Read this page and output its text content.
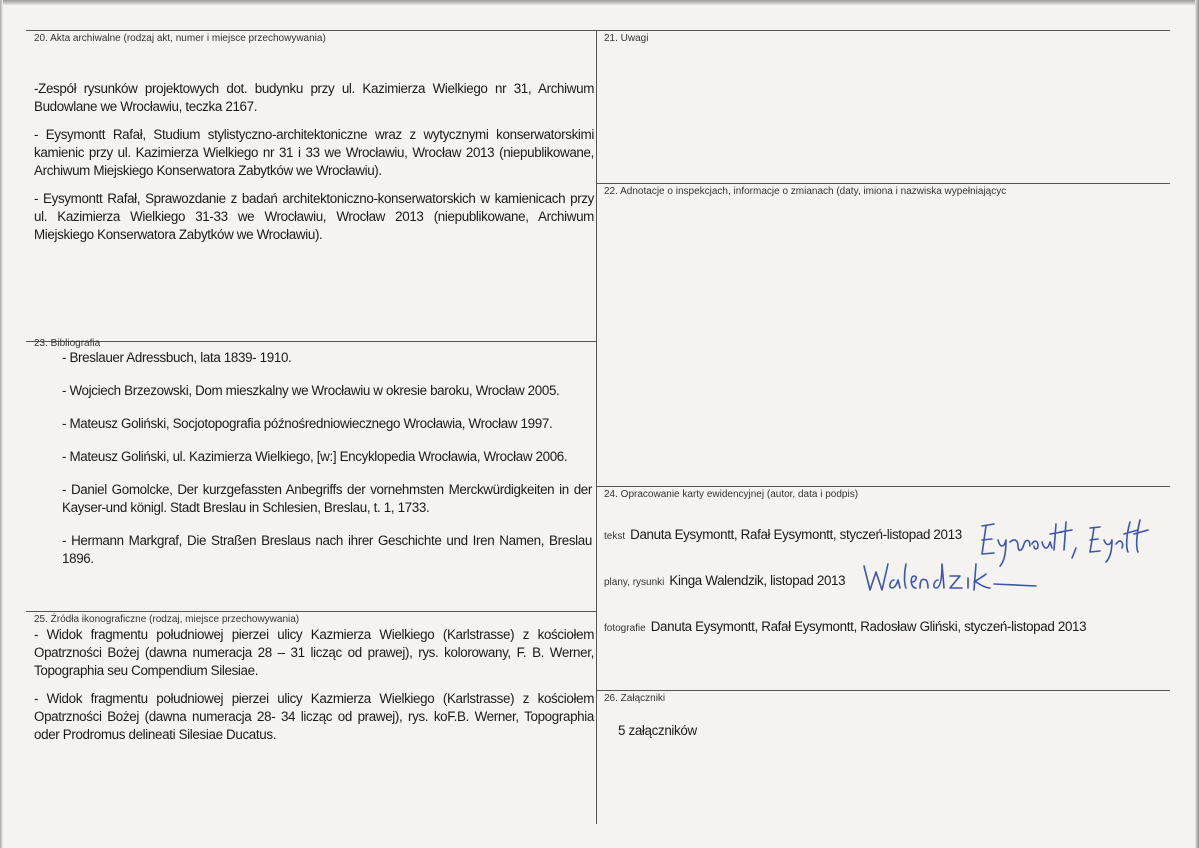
20. Akta archiwalne (rodzaj akt, numer i miejsce przechowywania)
-Zespół rysunków projektowych dot. budynku przy ul. Kazimierza Wielkiego nr 31, Archiwum Budowlane we Wrocławiu, teczka 2167.
- Eysymontt Rafał, Studium stylistyczno-architektoniczne wraz z wytycznymi konserwatorskimi kamienic przy ul. Kazimierza Wielkiego nr 31 i 33 we Wrocławiu, Wrocław 2013 (niepublikowane, Archiwum Miejskiego Konserwatora Zabytków we Wrocławiu).
- Eysymontt Rafał, Sprawozdanie z badań architektoniczno-konserwatorskich w kamienicach przy ul. Kazimierza Wielkiego 31-33 we Wrocławiu, Wrocław 2013 (niepublikowane, Archiwum Miejskiego Konserwatora Zabytków we Wrocławiu).
21. Uwagi
22. Adnotacje o inspekcjach, informacje o zmianach (daty, imiona i nazwiska wypełniającyc
23. Bibliografia
- Breslauer Adressbuch, lata 1839- 1910.
- Wojciech Brzezowski, Dom mieszkalny we Wrocławiu w okresie baroku, Wrocław 2005.
- Mateusz Goliński, Socjotopografia późnośredniowiecznego Wrocławia, Wrocław 1997.
- Mateusz Goliński, ul. Kazimierza Wielkiego, [w:] Encyklopedia Wrocławia, Wrocław 2006.
- Daniel Gomolcke, Der kurzgefassten Anbegriffs der vornehmsten Merckwürdigkeiten in der Kayser-und königl. Stadt Breslau in Schlesien, Breslau, t. 1, 1733.
- Hermann Markgraf, Die Straßen Breslaus nach ihrer Geschichte und Iren Namen, Breslau 1896.
24. Opracowanie karty ewidencyjnej (autor, data i podpis)
tekst Danuta Eysymontt, Rafał Eysymontt, styczeń-listopad 2013
plany, rysunki Kinga Walendzik, listopad 2013
fotografie Danuta Eysymontt, Rafał Eysymontt, Radosław Gliński, styczeń-listopad 2013
25. Źródła ikonograficzne (rodzaj, miejsce przechowywania)
- Widok fragmentu południowej pierzei ulicy Kazmierza Wielkiego (Karlstrasse) z kościołem Opatrzności Bożej (dawna numeracja 28 – 31 licząc od prawej), rys. kolorowany, F. B. Werner, Topographia seu Compendium Silesiae.
- Widok fragmentu południowej pierzei ulicy Kazmierza Wielkiego (Karlstrasse) z kościołem Opatrzności Bożej (dawna numeracja 28- 34 licząc od prawej), rys. koF.B. Werner, Topographia oder Prodromus delineati Silesiae Ducatus.
26. Załączniki
5 załączników
